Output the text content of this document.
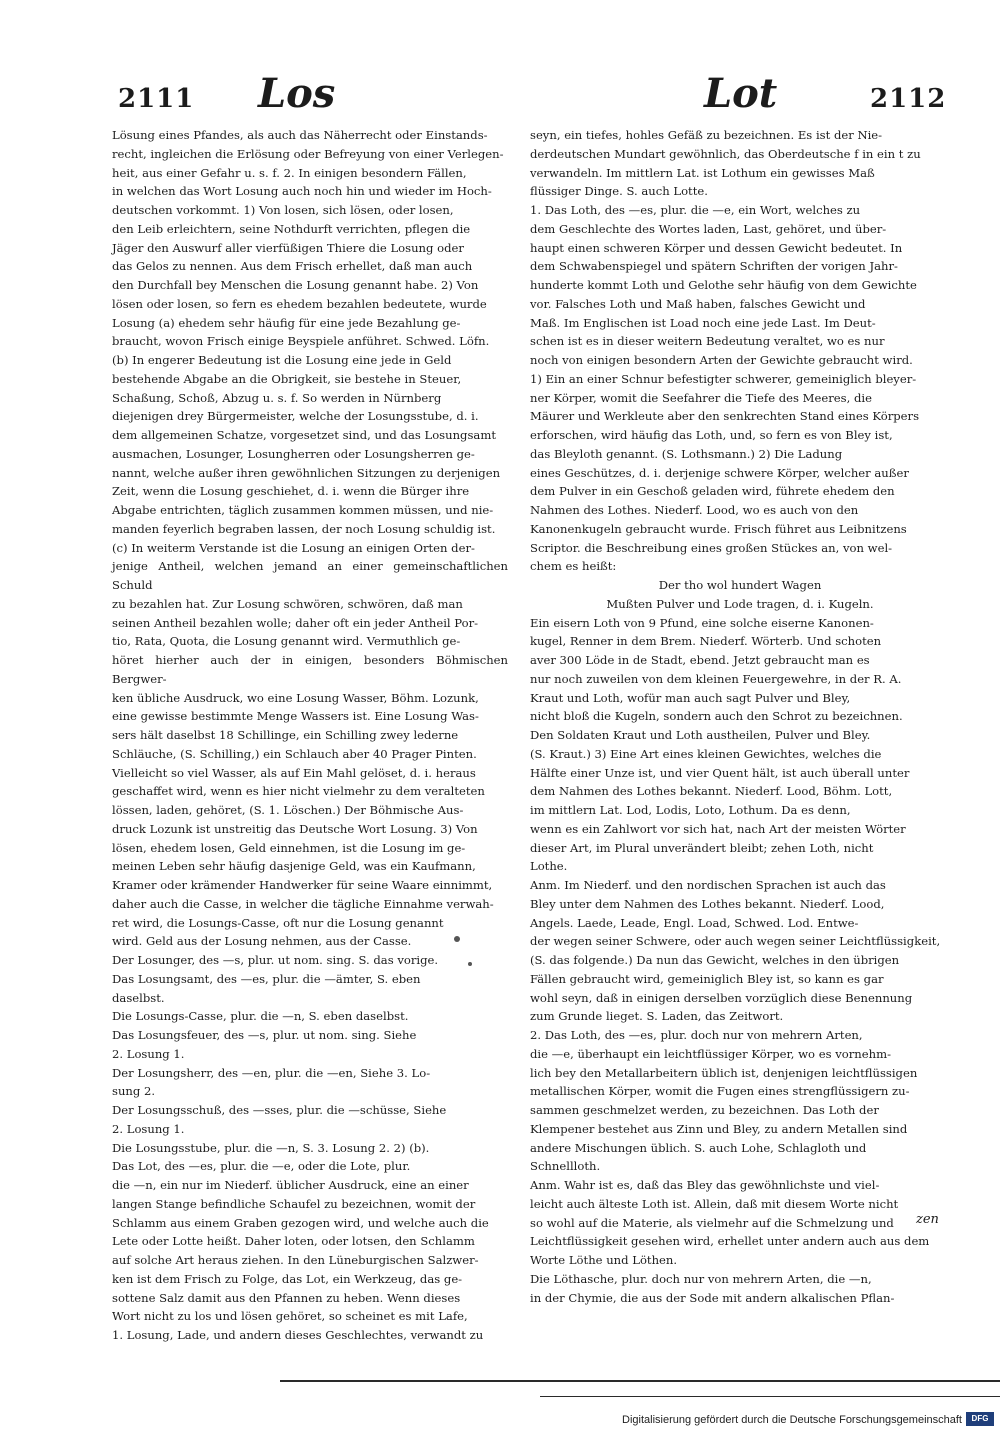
2111 Los	Lot	2112

Lösung eines Pfandes, als auch das Näherrecht oder Einstands-

recht, ingleichen die Erlösung oder Befreyung von einer Verlegen-

heit, aus einer Gefahr u. s. f. 2. In einigen besondern Fällen,

in welchen das Wort Losung auch noch hin und wieder im Hoch-

deutschen vorkommt. 1) Von losen, sich lösen, oder losen,

den Leib erleichtern, seine Nothdurft verrichten, pflegen die

Jäger den Auswurf aller vierfüßigen Thiere die Losung oder

das Gelos zu nennen. Aus dem Frisch erhellet, daß man auch

den Durchfall bey Menschen die Losung genannt habe. 2) Von

lösen oder losen, so fern es ehedem bezahlen bedeutete, wurde

Losung (a) ehedem sehr häufig für eine jede Bezahlung ge-

braucht, wovon Frisch einige Beyspiele anführet. Schwed. Löfn.

(b) In engerer Bedeutung ist die Losung eine jede in Geld

bestehende Abgabe an die Obrigkeit, sie bestehe in Steuer,

Schaßung, Schoß, Abzug u. s. f. So werden in Nürnberg

diejenigen drey Bürgermeister, welche der Losungsstube, d. i.

dem allgemeinen Schatze, vorgesetzet sind, und das Losungsamt

ausmachen, Losunger, Losungherren oder Losungsherren ge-

nannt, welche außer ihren gewöhnlichen Sitzungen zu derjenigen

Zeit, wenn die Losung geschiehet, d. i. wenn die Bürger ihre

Abgabe entrichten, täglich zusammen kommen müssen, und nie-

manden feyerlich begraben lassen, der noch Losung schuldig ist.

(c) In weiterm Verstande ist die Losung an einigen Orten der-

jenige Antheil, welchen jemand an einer gemeinschaftlichen Schuld

zu bezahlen hat. Zur Losung schwören, schwören, daß man

seinen Antheil bezahlen wolle; daher oft ein jeder Antheil Por-

tio, Rata, Quota, die Losung genannt wird. Vermuthlich ge-

höret hierher auch der in einigen, besonders Böhmischen Bergwer-

ken übliche Ausdruck, wo eine Losung Wasser, Böhm. Lozunk,

eine gewisse bestimmte Menge Wassers ist. Eine Losung Was-

sers hält daselbst 18 Schillinge, ein Schilling zwey lederne

Schläuche, (S. Schilling,) ein Schlauch aber 40 Prager Pinten.

Vielleicht so viel Wasser, als auf Ein Mahl gelöset, d. i. heraus

geschaffet wird, wenn es hier nicht vielmehr zu dem veralteten

lössen, laden, gehöret, (S. 1. Löschen.) Der Böhmische Aus-

druck Lozunk ist unstreitig das Deutsche Wort Losung. 3) Von

lösen, ehedem losen, Geld einnehmen, ist die Losung im ge-

meinen Leben sehr häufig dasjenige Geld, was ein Kaufmann,

Kramer oder krämender Handwerker für seine Waare einnimmt,

daher auch die Casse, in welcher die tägliche Einnahme verwah-

ret wird, die Losungs-Casse, oft nur die Losung genannt

wird. Geld aus der Losung nehmen, aus der Casse.

Der Losunger, des —s, plur. ut nom. sing. S. das vorige.

Das Losungsamt, des —es, plur. die —ämter, S. eben

daselbst.

Die Losungs-Casse, plur. die —n, S. eben daselbst.

Das Losungsfeuer, des —s, plur. ut nom. sing. Siehe

2. Losung 1.

Der Losungsherr, des —en, plur. die —en, Siehe 3. Lo-

sung 2.

Der Losungsschuß, des —sses, plur. die —schüsse, Siehe

2. Losung 1.

Die Losungsstube, plur. die —n, S. 3. Losung 2. 2) (b).

Das Lot, des —es, plur. die —e, oder die Lote, plur.

die —n, ein nur im Niederf. üblicher Ausdruck, eine an einer

langen Stange befindliche Schaufel zu bezeichnen, womit der

Schlamm aus einem Graben gezogen wird, und welche auch die

Lete oder Lotte heißt. Daher loten, oder lotsen, den Schlamm

auf solche Art heraus ziehen. In den Lüneburgischen Salzwer-

ken ist dem Frisch zu Folge, das Lot, ein Werkzeug, das ge-

sottene Salz damit aus den Pfannen zu heben. Wenn dieses

Wort nicht zu los und lösen gehöret, so scheinet es mit Lafe,

1. Losung, Lade, und andern dieses Geschlechtes, verwandt zu

seyn, ein tiefes, hohles Gefäß zu bezeichnen. Es ist der Nie-

derdeutschen Mundart gewöhnlich, das Oberdeutsche f in ein t zu

verwandeln. Im mittlern Lat. ist Lothum ein gewisses Maß

flüssiger Dinge. S. auch Lotte.

1. Das Loth, des —es, plur. die —e, ein Wort, welches zu

dem Geschlechte des Wortes laden, Last, gehöret, und über-

haupt einen schweren Körper und dessen Gewicht bedeutet. In

dem Schwabenspiegel und spätern Schriften der vorigen Jahr-

hunderte kommt Loth und Gelothe sehr häufig von dem Gewichte

vor. Falsches Loth und Maß haben, falsches Gewicht und

Maß. Im Englischen ist Load noch eine jede Last. Im Deut-

schen ist es in dieser weitern Bedeutung veraltet, wo es nur

noch von einigen besondern Arten der Gewichte gebraucht wird.

1) Ein an einer Schnur befestigter schwerer, gemeiniglich bleyer-

ner Körper, womit die Seefahrer die Tiefe des Meeres, die

Mäurer und Werkleute aber den senkrechten Stand eines Körpers

erforschen, wird häufig das Loth, und, so fern es von Bley ist,

das Bleyloth genannt. (S. Lothsmann.) 2) Die Ladung

eines Geschützes, d. i. derjenige schwere Körper, welcher außer

dem Pulver in ein Geschoß geladen wird, führete ehedem den

Nahmen des Lothes. Niederf. Lood, wo es auch von den

Kanonenkugeln gebraucht wurde. Frisch führet aus Leibnitzens

Scriptor. die Beschreibung eines großen Stückes an, von wel-

chem es heißt:

Der tho wol hundert Wagen

Mußten Pulver und Lode tragen, d. i. Kugeln.

Ein eisern Loth von 9 Pfund, eine solche eiserne Kanonen-

kugel, Renner in dem Brem. Niederf. Wörterb. Und schoten

aver 300 Löde in de Stadt, ebend. Jetzt gebraucht man es

nur noch zuweilen von dem kleinen Feuergewehre, in der R. A.

Kraut und Loth, wofür man auch sagt Pulver und Bley,

nicht bloß die Kugeln, sondern auch den Schrot zu bezeichnen.

Den Soldaten Kraut und Loth austheilen, Pulver und Bley.

(S. Kraut.) 3) Eine Art eines kleinen Gewichtes, welches die

Hälfte einer Unze ist, und vier Quent hält, ist auch überall unter

dem Nahmen des Lothes bekannt. Niederf. Lood, Böhm. Lott,

im mittlern Lat. Lod, Lodis, Loto, Lothum. Da es denn,

wenn es ein Zahlwort vor sich hat, nach Art der meisten Wörter

dieser Art, im Plural unverändert bleibt; zehen Loth, nicht

Lothe.

Anm. Im Niederf. und den nordischen Sprachen ist auch das

Bley unter dem Nahmen des Lothes bekannt. Niederf. Lood,

Angels. Laede, Leade, Engl. Load, Schwed. Lod. Entwe-

der wegen seiner Schwere, oder auch wegen seiner Leichtflüssigkeit,

(S. das folgende.) Da nun das Gewicht, welches in den übrigen

Fällen gebraucht wird, gemeiniglich Bley ist, so kann es gar

wohl seyn, daß in einigen derselben vorzüglich diese Benennung

zum Grunde lieget. S. Laden, das Zeitwort.

2. Das Loth, des —es, plur. doch nur von mehrern Arten,

die —e, überhaupt ein leichtflüssiger Körper, wo es vornehm-

lich bey den Metallarbeitern üblich ist, denjenigen leichtflüssigen

metallischen Körper, womit die Fugen eines strengflüssigern zu-

sammen geschmelzet werden, zu bezeichnen. Das Loth der

Klempener bestehet aus Zinn und Bley, zu andern Metallen sind

andere Mischungen üblich. S. auch Lohe, Schlagloth und

Schnellloth.

Anm. Wahr ist es, daß das Bley das gewöhnlichste und viel-

leicht auch älteste Loth ist. Allein, daß mit diesem Worte nicht

so wohl auf die Materie, als vielmehr auf die Schmelzung und

Leichtflüssigkeit gesehen wird, erhellet unter andern auch aus dem

Worte Löthe und Löthen.

Die Löthasche, plur. doch nur von mehrern Arten, die —n,

in der Chymie, die aus der Sode mit andern alkalischen Pflan-

zen
Digitalisierung gefördert durch die Deutsche Forschungsgemeinschaft	DFG
